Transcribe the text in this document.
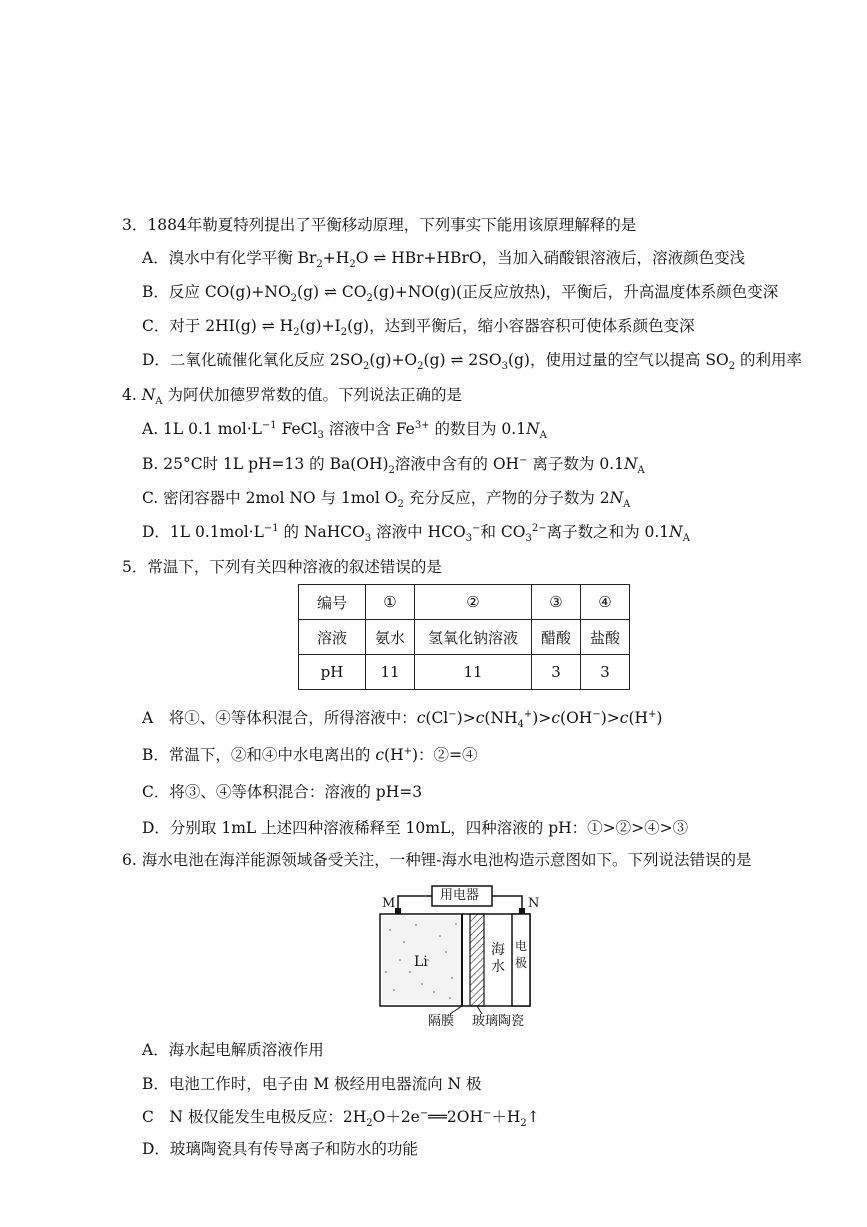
3．1884年勒夏特列提出了平衡移动原理，下列事实下能用该原理解释的是
A．溴水中有化学平衡 $Br_2+H_2O$ ⇌ HBr+HBrO，当加入硝酸银溶液后，溶液颜色变浅
B．反应 $CO(g)+NO_2(g)$ ⇌ $CO_2(g)+NO(g)$(正反应放热)，平衡后，升高温度体系颜色变深
C．对于 2HI(g) ⇌ $H_2(g)+I_2(g)$，达到平衡后，缩小容器容积可使体系颜色变深
D．二氧化硫催化氧化反应 $2SO_2(g)+O_2(g)$ ⇌ $2SO_3(g)$，使用过量的空气以提高 $SO_2$ 的利用率
4. $N_A$ 为阿伏加德罗常数的值。下列说法正确的是
A. 1L 0.1 $mol\cdot L^{-1}$ FeCl$_3$ 溶液中含 $Fe^{3+}$ 的数目为 $0.1N_A$
B. 25°C时 1L pH=13 的 $Ba(OH)_2$溶液中含有的 OH− 离子数为 $0.1N_A$
C. 密闭容器中 2mol NO 与 1mol $O_2$ 充分反应，产物的分子数为 $2N_A$
D．1L $0.1mol\cdot L^{-1}$ 的 NaHCO$_3$ 溶液中 $HCO_3^-$和 $CO_3^{2-}$离子数之和为 $0.1N_A$
5．常温下，下列有关四种溶液的叙述错误的是
编号	①	②	③	④
溶液	氨水	氢氧化钠溶液	醋酸	盐酸
pH	11	11	3	3
A　将①、④等体积混合，所得溶液中：$c(Cl^-)>c(NH_4^+)>c(OH^-)>c(H^+)$
B．常温下，②和④中水电离出的 c(H+)：②=④
C．将③、④等体积混合：溶液的 pH=3
D．分别取 1mL 上述四种溶液稀释至 10mL，四种溶液的 pH：①>②>④>③
6. 海水电池在海洋能源领域备受关注，一种锂-海水电池构造示意图如下。下列说法错误的是
用电器
M	N
Li
海水
电极
隔膜 玻璃陶瓷
A．海水起电解质溶液作用
B．电池工作时，电子由 M 极经用电器流向 N 极
C　N 极仅能发生电极反应：$2H_2O+2e^-══2OH^-+H_2↑$
D．玻璃陶瓷具有传导离子和防水的功能
